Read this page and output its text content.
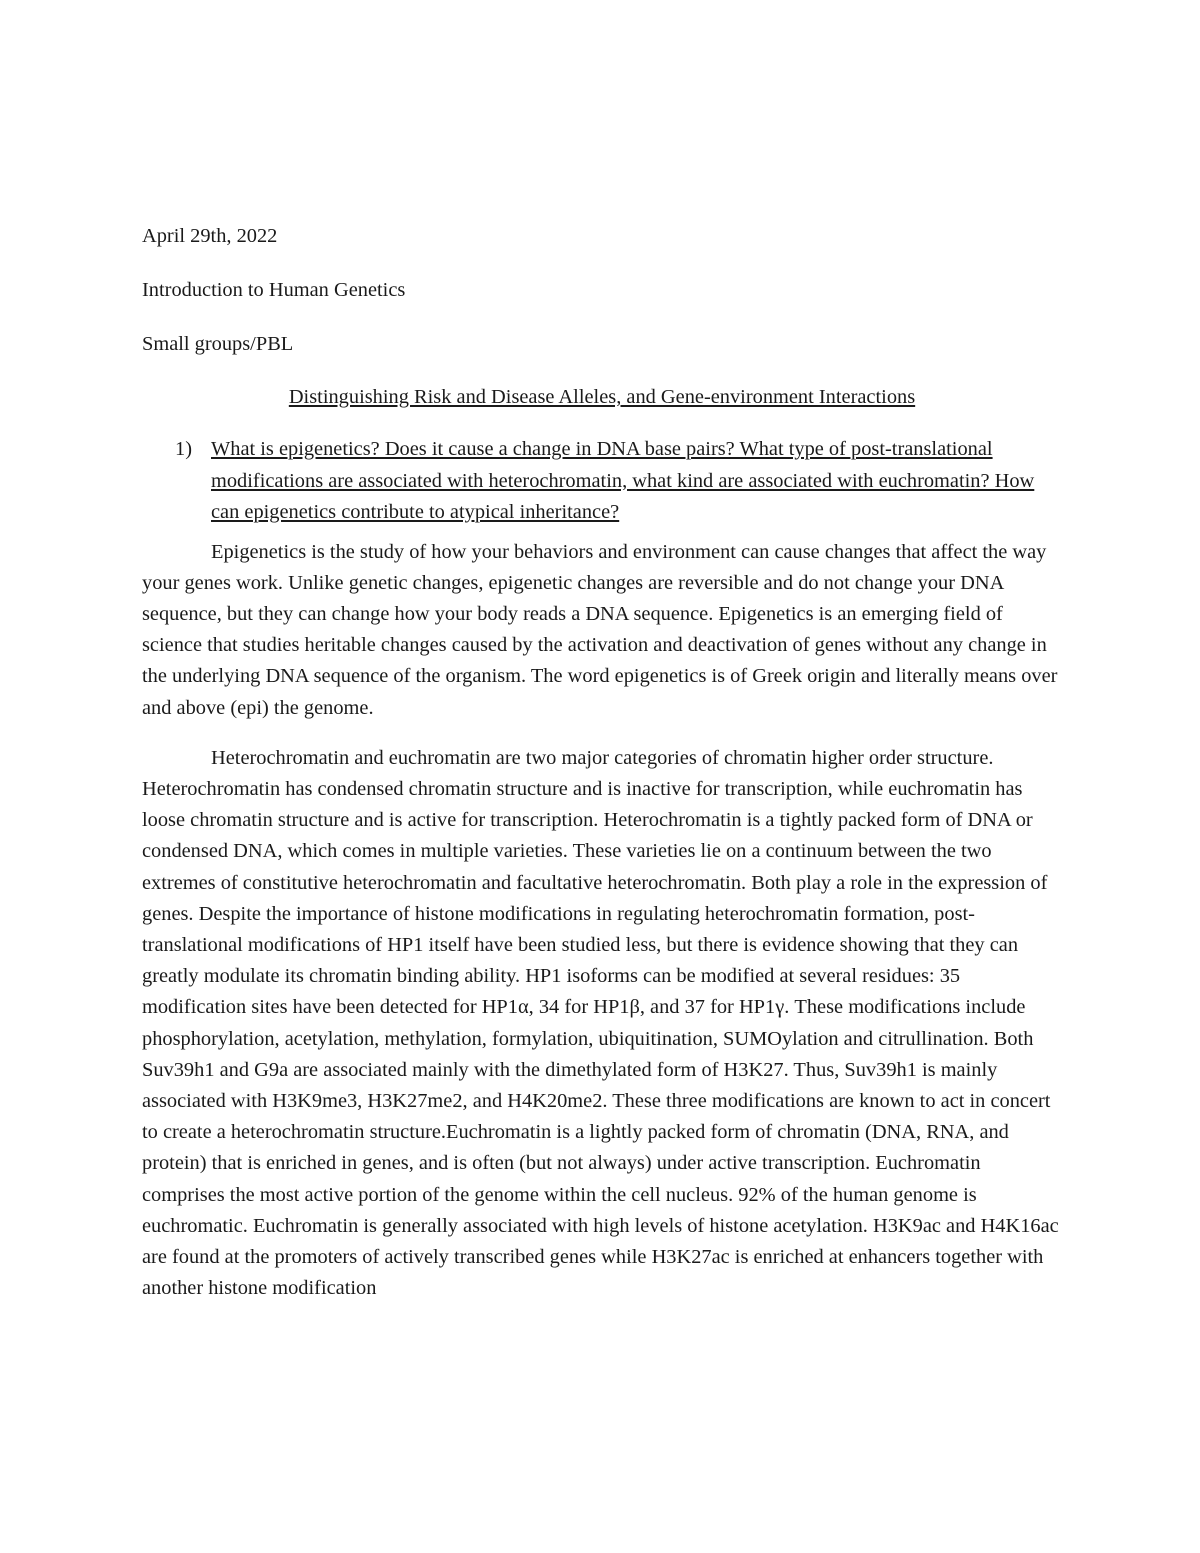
April 29th, 2022

Introduction to Human Genetics

Small groups/PBL

Distinguishing Risk and Disease Alleles, and Gene-environment Interactions

1) What is epigenetics? Does it cause a change in DNA base pairs? What type of post-translational modifications are associated with heterochromatin, what kind are associated with euchromatin? How can epigenetics contribute to atypical inheritance?

Epigenetics is the study of how your behaviors and environment can cause changes that affect the way your genes work. Unlike genetic changes, epigenetic changes are reversible and do not change your DNA sequence, but they can change how your body reads a DNA sequence. Epigenetics is an emerging field of science that studies heritable changes caused by the activation and deactivation of genes without any change in the underlying DNA sequence of the organism. The word epigenetics is of Greek origin and literally means over and above (epi) the genome.

Heterochromatin and euchromatin are two major categories of chromatin higher order structure. Heterochromatin has condensed chromatin structure and is inactive for transcription, while euchromatin has loose chromatin structure and is active for transcription. Heterochromatin is a tightly packed form of DNA or condensed DNA, which comes in multiple varieties. These varieties lie on a continuum between the two extremes of constitutive heterochromatin and facultative heterochromatin. Both play a role in the expression of genes. Despite the importance of histone modifications in regulating heterochromatin formation, post-translational modifications of HP1 itself have been studied less, but there is evidence showing that they can greatly modulate its chromatin binding ability. HP1 isoforms can be modified at several residues: 35 modification sites have been detected for HP1α, 34 for HP1β, and 37 for HP1γ. These modifications include phosphorylation, acetylation, methylation, formylation, ubiquitination, SUMOylation and citrullination. Both Suv39h1 and G9a are associated mainly with the dimethylated form of H3K27. Thus, Suv39h1 is mainly associated with H3K9me3, H3K27me2, and H4K20me2. These three modifications are known to act in concert to create a heterochromatin structure.Euchromatin is a lightly packed form of chromatin (DNA, RNA, and protein) that is enriched in genes, and is often (but not always) under active transcription. Euchromatin comprises the most active portion of the genome within the cell nucleus. 92% of the human genome is euchromatic. Euchromatin is generally associated with high levels of histone acetylation. H3K9ac and H4K16ac are found at the promoters of actively transcribed genes while H3K27ac is enriched at enhancers together with another histone modification
